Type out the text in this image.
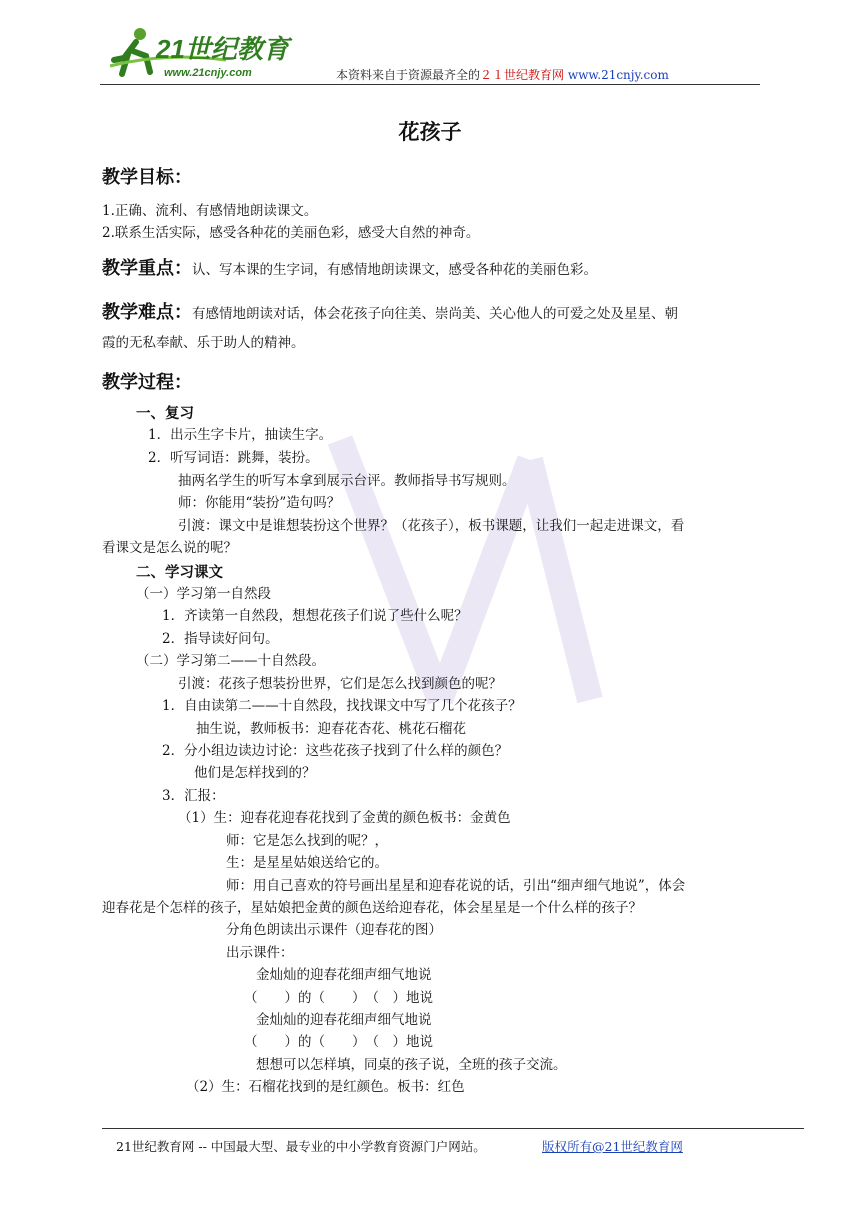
21世纪教育
www.21cnjy.com	本资料来自于资源最齐全的２１世纪教育网 www.21cnjy.com
花孩子
教学目标：
1.正确、流利、有感情地朗读课文。
2.联系生活实际，感受各种花的美丽色彩，感受大自然的神奇。
教学重点：认、写本课的生字词，有感情地朗读课文，感受各种花的美丽色彩。
教学难点：有感情地朗读对话，体会花孩子向往美、崇尚美、关心他人的可爱之处及星星、朝
霞的无私奉献、乐于助人的精神。
教学过程：
一、复习
1．出示生字卡片，抽读生字。
2．听写词语：跳舞，装扮。
抽两名学生的听写本拿到展示台评。教师指导书写规则。
师：你能用“装扮”造句吗？
引渡：课文中是谁想装扮这个世界？（花孩子），板书课题，让我们一起走进课文，看
看课文是怎么说的呢？
二、学习课文
（一）学习第一自然段
1．齐读第一自然段，想想花孩子们说了些什么呢？
2．指导读好问句。
（二）学习第二——十自然段。
引渡：花孩子想装扮世界，它们是怎么找到颜色的呢？
1．自由读第二——十自然段，找找课文中写了几个花孩子？
抽生说，教师板书：迎春花杏花、桃花石榴花
2．分小组边读边讨论：这些花孩子找到了什么样的颜色？
他们是怎样找到的？
3．汇报：
（1）生：迎春花迎春花找到了金黄的颜色板书：金黄色
师：它是怎么找到的呢？，
生：是星星姑娘送给它的。
师：用自己喜欢的符号画出星星和迎春花说的话，引出“细声细气地说”，体会
迎春花是个怎样的孩子，星姑娘把金黄的颜色送给迎春花，体会星星是一个什么样的孩子？
分角色朗读出示课件（迎春花的图）
出示课件：
金灿灿的迎春花细声细气地说
（　　）的（　　）　（　）地说
金灿灿的迎春花细声细气地说
（　　）的（　　）　（　）地说
想想可以怎样填，同桌的孩子说，全班的孩子交流。
（2）生：石榴花找到的是红颜色。板书：红色
21世纪教育网 -- 中国最大型、最专业的中小学教育资源门户网站。	版权所有@21世纪教育网
